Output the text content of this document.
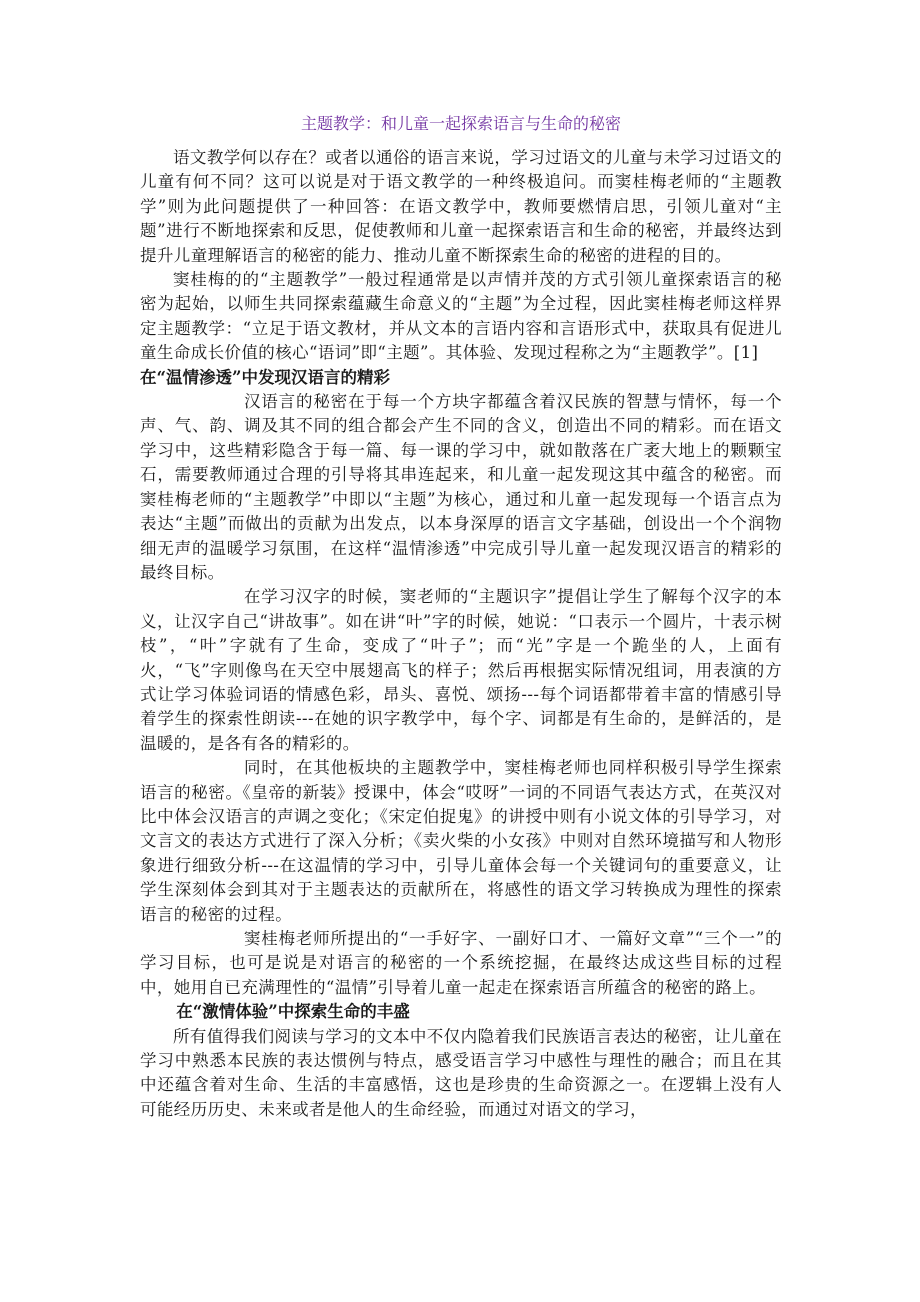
主题教学：和儿童一起探索语言与生命的秘密

语文教学何以存在？或者以通俗的语言来说，学习过语文的儿童与未学习过语文的儿童有何不同？这可以说是对于语文教学的一种终极追问。而窦桂梅老师的“主题教学”则为此问题提供了一种回答：在语文教学中，教师要燃情启思，引领儿童对“主题”进行不断地探索和反思，促使教师和儿童一起探索语言和生命的秘密，并最终达到提升儿童理解语言的秘密的能力、推动儿童不断探索生命的秘密的进程的目的。

窦桂梅的的“主题教学”一般过程通常是以声情并茂的方式引领儿童探索语言的秘密为起始，以师生共同探索蕴藏生命意义的“主题”为全过程，因此窦桂梅老师这样界定主题教学：“立足于语文教材，并从文本的言语内容和言语形式中，获取具有促进儿童生命成长价值的核心“语词”即“主题”。其体验、发现过程称之为“主题教学”。[1]

在“温情渗透”中发现汉语言的精彩

汉语言的秘密在于每一个方块字都蕴含着汉民族的智慧与情怀，每一个声、气、韵、调及其不同的组合都会产生不同的含义，创造出不同的精彩。而在语文学习中，这些精彩隐含于每一篇、每一课的学习中，就如散落在广袤大地上的颗颗宝石，需要教师通过合理的引导将其串连起来，和儿童一起发现这其中蕴含的秘密。而窦桂梅老师的“主题教学”中即以“主题”为核心，通过和儿童一起发现每一个语言点为表达“主题”而做出的贡献为出发点，以本身深厚的语言文字基础，创设出一个个润物细无声的温暖学习氛围，在这样“温情渗透”中完成引导儿童一起发现汉语言的精彩的最终目标。

在学习汉字的时候，窦老师的“主题识字”提倡让学生了解每个汉字的本义，让汉字自己“讲故事”。如在讲“叶”字的时候，她说：“口表示一个圆片，十表示树枝”，“叶”字就有了生命，变成了“叶子”；而“光”字是一个跪坐的人，上面有火，“飞”字则像鸟在天空中展翅高飞的样子；然后再根据实际情况组词，用表演的方式让学习体验词语的情感色彩，昂头、喜悦、颂扬---每个词语都带着丰富的情感引导着学生的探索性朗读---在她的识字教学中，每个字、词都是有生命的，是鲜活的，是温暖的，是各有各的精彩的。

同时，在其他板块的主题教学中，窦桂梅老师也同样积极引导学生探索语言的秘密。《皇帝的新装》授课中，体会“哎呀”一词的不同语气表达方式，在英汉对比中体会汉语言的声调之变化；《宋定伯捉鬼》的讲授中则有小说文体的引导学习，对文言文的表达方式进行了深入分析；《卖火柴的小女孩》中则对自然环境描写和人物形象进行细致分析---在这温情的学习中，引导儿童体会每一个关键词句的重要意义，让学生深刻体会到其对于主题表达的贡献所在，将感性的语文学习转换成为理性的探索语言的秘密的过程。

窦桂梅老师所提出的“一手好字、一副好口才、一篇好文章”“三个一”的学习目标，也可是说是对语言的秘密的一个系统挖掘，在最终达成这些目标的过程中，她用自已充满理性的“温情”引导着儿童一起走在探索语言所蕴含的秘密的路上。

在“激情体验”中探索生命的丰盛

所有值得我们阅读与学习的文本中不仅内隐着我们民族语言表达的秘密，让儿童在学习中熟悉本民族的表达惯例与特点，感受语言学习中感性与理性的融合；而且在其中还蕴含着对生命、生活的丰富感悟，这也是珍贵的生命资源之一。在逻辑上没有人可能经历历史、未来或者是他人的生命经验，而通过对语文的学习，
